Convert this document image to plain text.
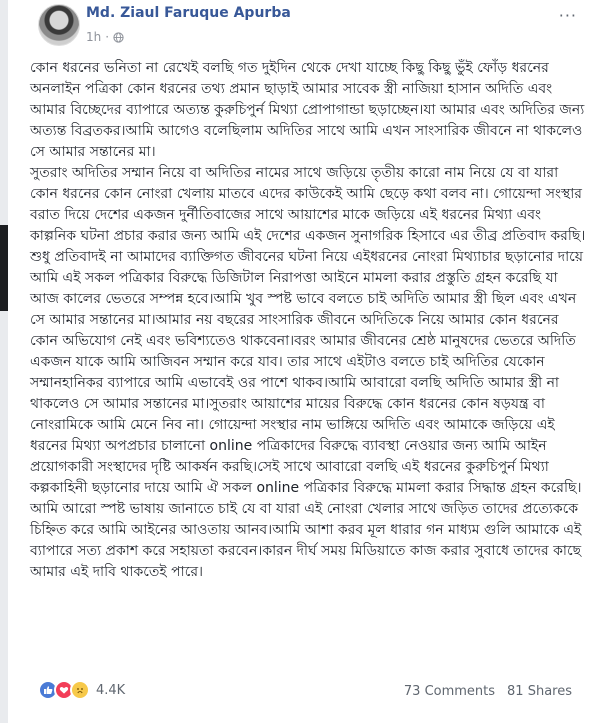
Md. Ziaul Faruque Apurba
1h ·
···

কোন ধরনের ভনিতা না রেখেই বলছি গত দুইদিন থেকে দেখা যাচ্ছে কিছু কিছু ভুঁই ফোঁড় ধরনের অনলাইন পত্রিকা কোন ধরনের তথ্য প্রমান ছাড়াই আমার সাবেক স্ত্রী নাজিয়া হাসান অদিতি এবং আমার বিচ্ছেদের ব্যাপারে অত্যন্ত কুরুচিপুর্ন মিথ্যা প্রোপাগান্ডা ছড়াচ্ছেন।যা আমার এবং অদিতির জন্য অত্যন্ত বিব্রতকর।আমি আগেও বলেছিলাম অদিতির সাথে আমি এখন সাংসারিক জীবনে না থাকলেও সে আমার সন্তানের মা।

সুতরাং অদিতির সম্মান নিয়ে বা অদিতির নামের সাথে জড়িয়ে তৃতীয় কারো নাম নিয়ে যে বা যারা কোন ধরনের কোন নোংরা খেলায় মাতবে এদের কাউকেই আমি ছেড়ে কথা বলব না। গোয়েন্দা সংস্থার বরাত দিয়ে দেশের একজন দুর্নীতিবাজের সাথে আয়াশের মাকে জড়িয়ে এই ধরনের মিথ্যা এবং কাল্পনিক ঘটনা প্রচার করার জন্য আমি এই দেশের একজন সুনাগরিক হিসাবে এর তীব্র প্রতিবাদ করছি।শুধু প্রতিবাদই না আমাদের ব্যাক্তিগত জীবনের ঘটনা নিয়ে এইধরনের নোংরা মিথ্যাচার ছড়ানোর দায়ে আমি এই সকল পত্রিকার বিরুদ্ধে ডিজিটাল নিরাপত্তা আইনে মামলা করার প্রস্তুতি গ্রহন করেছি যা আজ কালের ভেতরে সম্পন্ন হবে।আমি খুব স্পষ্ট ভাবে বলতে চাই অদিতি আমার স্ত্রী ছিল এবং এখন সে আমার সন্তানের মা।আমার নয় বছরের সাংসারিক জীবনে অদিতিকে নিয়ে আমার কোন ধরনের কোন অভিযোগ নেই এবং ভবিশ্যতেও থাকবেনা।বরং আমার জীবনের শ্রেষ্ঠ মানুষদের ভেতরে অদিতি একজন যাকে আমি আজিবন সম্মান করে যাব। তার সাথে এইটাও বলতে চাই অদিতির যেকোন সম্মানহানিকর ব্যাপারে আমি এভাবেই ওর পাশে থাকব।আমি আবারো বলছি অদিতি আমার স্ত্রী না থাকলেও সে আমার সন্তানের মা।সুতরাং আয়াশের মায়ের বিরুদ্ধে কোন ধরনের কোন ষড়যন্ত্র বা নোংরামিকে আমি মেনে নিব না। গোয়েন্দা সংস্থার নাম ভাঙ্গিয়ে অদিতি এবং আমাকে জড়িয়ে এই ধরনের মিথ্যা অপপ্রচার চালানো online পত্রিকাদের বিরুদ্ধে ব্যাবস্থা নেওয়ার জন্য আমি আইন প্রয়োগকারী সংস্থাদের দৃষ্টি আকর্ষন করছি।সেই সাথে আবারো বলছি এই ধরনের কুরুচিপুর্ন মিথ্যা কল্পকাহিনী ছড়ানোর দায়ে আমি ঐ সকল online পত্রিকার বিরুদ্ধে মামলা করার সিদ্ধান্ত গ্রহন করেছি। আমি আরো স্পষ্ট ভাষায় জানাতে চাই যে বা যারা এই নোংরা খেলার সাথে জড়িত তাদের প্রত্যেককে চিহ্নিত করে আমি আইনের আওতায় আনব।আমি আশা করব মূল ধারার গন মাধ্যম গুলি আমাকে এই ব্যাপারে সত্য প্রকাশ করে সহায়তা করবেন।কারন দীর্ঘ সময় মিডিয়াতে কাজ করার সুবাধে তাদের কাছে আমার এই দাবি থাকতেই পারে।

4.4K	73 Comments 81 Shares
